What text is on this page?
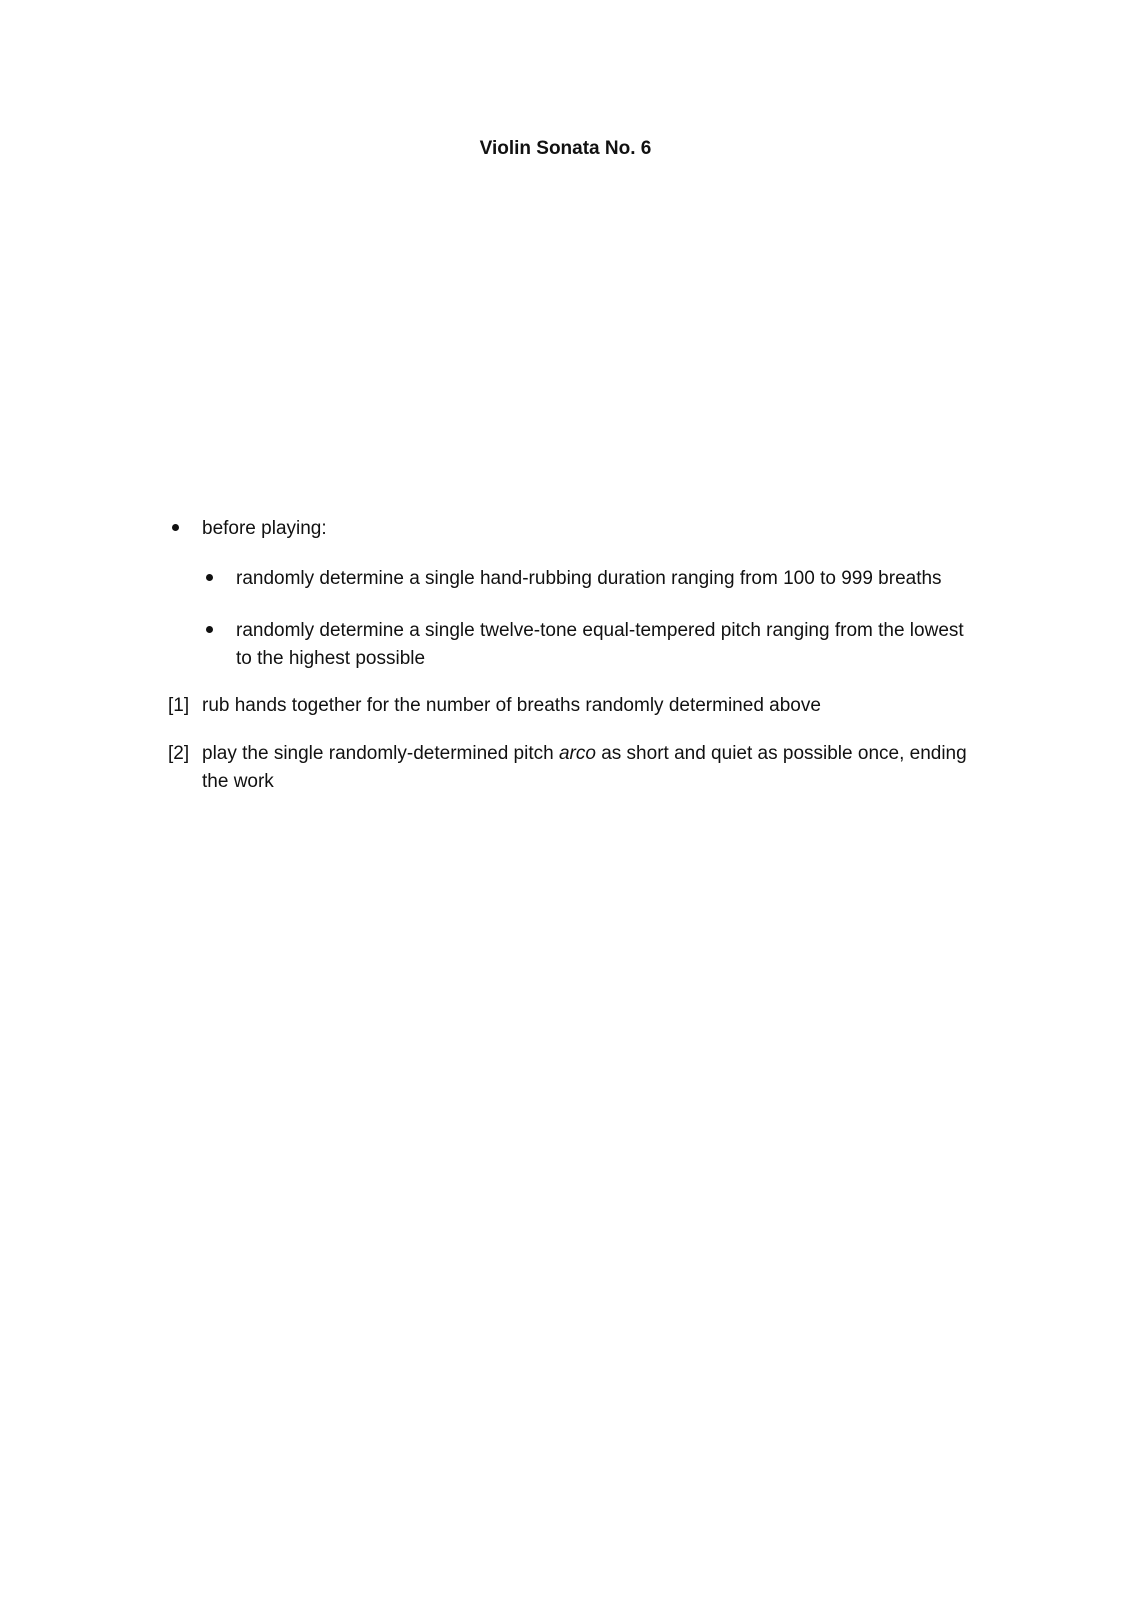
Violin Sonata No. 6
before playing:
randomly determine a single hand-rubbing duration ranging from 100 to 999 breaths
randomly determine a single twelve-tone equal-tempered pitch ranging from the lowest
to the highest possible
[1] rub hands together for the number of breaths randomly determined above
[2] play the single randomly-determined pitch arco as short and quiet as possible once, ending
the work
